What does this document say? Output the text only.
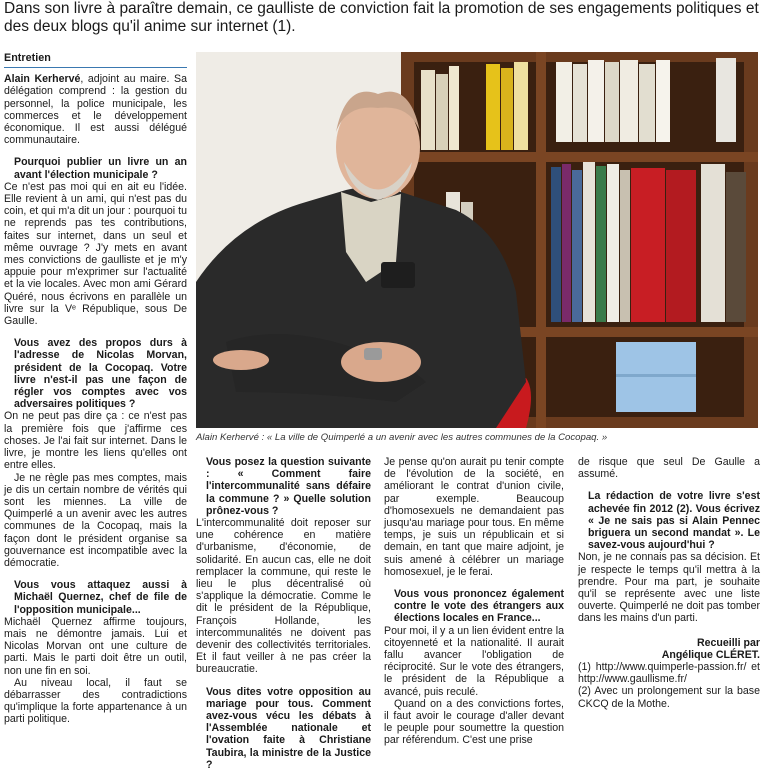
Dans son livre à paraître demain, ce gaulliste de conviction fait la promotion de ses engagements politiques et des deux blogs qu'il anime sur internet (1).
Entretien

Alain Kerhervé, adjoint au maire. Sa délégation comprend : la gestion du personnel, la police municipale, les commerces et le développement économique. Il est aussi délégué communautaire.

Pourquoi publier un livre un an avant l'élection municipale ?

Ce n'est pas moi qui en ait eu l'idée. Elle revient à un ami, qui n'est pas du coin, et qui m'a dit un jour : pourquoi tu ne reprends pas tes contributions, faites sur internet, dans un seul et même ouvrage ? J'y mets en avant mes convictions de gaulliste et je m'y appuie pour m'exprimer sur l'actualité et la vie locales. Avec mon ami Gérard Quéré, nous écrivons en parallèle un livre sur la Vᵉ République, sous De Gaulle.

Vous avez des propos durs à l'adresse de Nicolas Morvan, président de la Cocopaq. Votre livre n'est-il pas une façon de régler vos comptes avec vos adversaires politiques ?

On ne peut pas dire ça : ce n'est pas la première fois que j'affirme ces choses. Je l'ai fait sur internet. Dans le livre, je montre les liens qu'elles ont entre elles.

Je ne règle pas mes comptes, mais je dis un certain nombre de vérités qui sont les miennes. La ville de Quimperlé a un avenir avec les autres communes de la Cocopaq, mais la façon dont le président organise sa gouvernance est incompatible avec la démocratie.

Vous vous attaquez aussi à Michaël Quernez, chef de file de l'opposition municipale...

Michaël Quernez affirme toujours, mais ne démontre jamais. Lui et Nicolas Morvan ont une culture de parti. Mais le parti doit être un outil, non une fin en soi.

Au niveau local, il faut se débarrasser des contradictions qu'implique la forte appartenance à un parti politique.

Alain Kerhervé : « La ville de Quimperlé a un avenir avec les autres communes de la Cocopaq. »

Vous posez la question suivante : « Comment faire l'intercommunalité sans défaire la commune ? » Quelle solution prônez-vous ?

L'intercommunalité doit reposer sur une cohérence en matière d'urbanisme, d'économie, de solidarité. En aucun cas, elle ne doit remplacer la commune, qui reste le lieu le plus décentralisé où s'applique la démocratie. Comme le dit le président de la République, François Hollande, les intercommunalités ne doivent pas devenir des collectivités territoriales. Et il faut veiller à ne pas créer la bureaucratie.

Vous dites votre opposition au mariage pour tous. Comment avez-vous vécu les débats à l'Assemblée nationale et l'ovation faite à Christiane Taubira, la ministre de la Justice ?

Je pense qu'on aurait pu tenir compte de l'évolution de la société, en améliorant le contrat d'union civile, par exemple. Beaucoup d'homosexuels ne demandaient pas jusqu'au mariage pour tous. En même temps, je suis un républicain et si demain, en tant que maire adjoint, je suis amené à célébrer un mariage homosexuel, je le ferai.

Vous vous prononcez également contre le vote des étrangers aux élections locales en France...

Pour moi, il y a un lien évident entre la citoyenneté et la nationalité. Il aurait fallu avancer l'obligation de réciprocité. Sur le vote des étrangers, le président de la République a avancé, puis reculé.

Quand on a des convictions fortes, il faut avoir le courage d'aller devant le peuple pour soumettre la question par référendum. C'est une prise

de risque que seul De Gaulle a assumé.

La rédaction de votre livre s'est achevée fin 2012 (2). Vous écrivez « Je ne sais pas si Alain Pennec briguera un second mandat ». Le savez-vous aujourd'hui ?

Non, je ne connais pas sa décision. Et je respecte le temps qu'il mettra à la prendre. Pour ma part, je souhaite qu'il se représente avec une liste ouverte. Quimperlé ne doit pas tomber dans les mains d'un parti.

Recueilli par
Angélique CLÉRET.

(1) http://www.quimperle-passion.fr/ et http://www.gaullisme.fr/

(2) Avec un prolongement sur la base CKCQ de la Mothe.
